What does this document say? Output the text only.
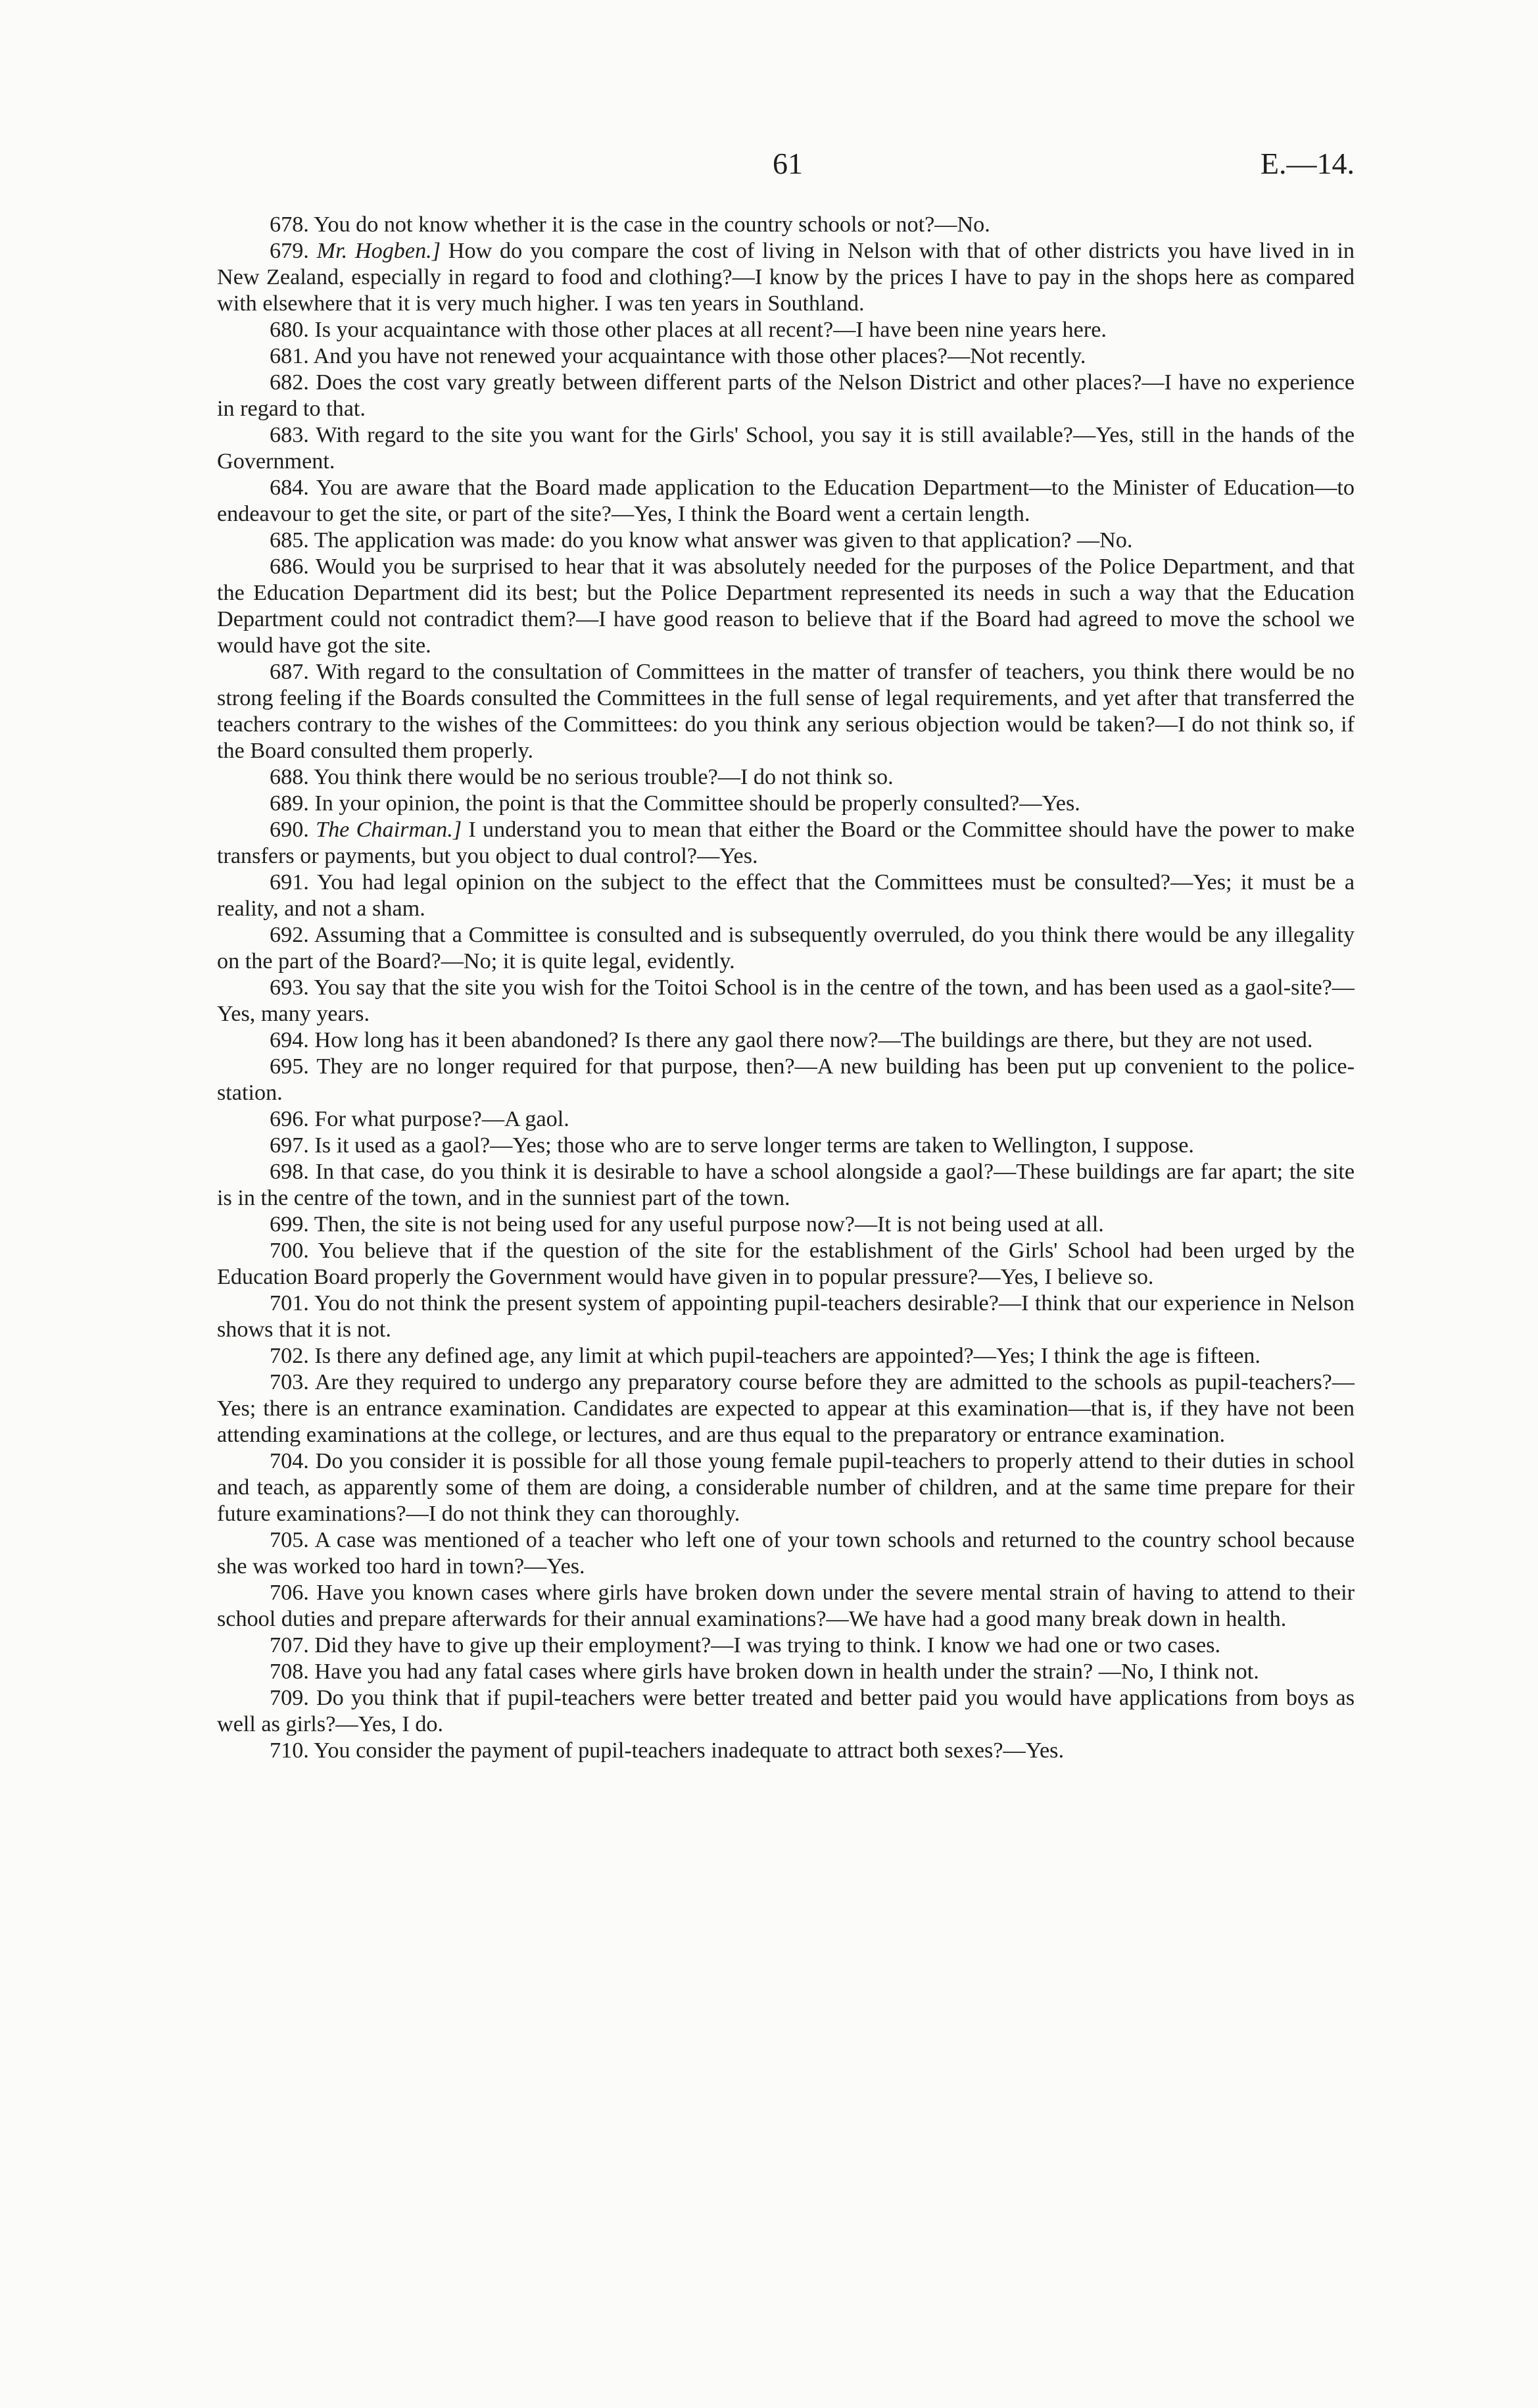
61	E.—14.

678. You do not know whether it is the case in the country schools or not?—No.

679. Mr. Hogben.] How do you compare the cost of living in Nelson with that of other districts you have lived in in New Zealand, especially in regard to food and clothing?—I know by the prices I have to pay in the shops here as compared with elsewhere that it is very much higher. I was ten years in Southland.

680. Is your acquaintance with those other places at all recent?—I have been nine years here.

681. And you have not renewed your acquaintance with those other places?—Not recently.

682. Does the cost vary greatly between different parts of the Nelson District and other places?—I have no experience in regard to that.

683. With regard to the site you want for the Girls' School, you say it is still available?—Yes, still in the hands of the Government.

684. You are aware that the Board made application to the Education Department—to the Minister of Education—to endeavour to get the site, or part of the site?—Yes, I think the Board went a certain length.

685. The application was made: do you know what answer was given to that application? —No.

686. Would you be surprised to hear that it was absolutely needed for the purposes of the Police Department, and that the Education Department did its best; but the Police Department represented its needs in such a way that the Education Department could not contradict them?—I have good reason to believe that if the Board had agreed to move the school we would have got the site.

687. With regard to the consultation of Committees in the matter of transfer of teachers, you think there would be no strong feeling if the Boards consulted the Committees in the full sense of legal requirements, and yet after that transferred the teachers contrary to the wishes of the Committees: do you think any serious objection would be taken?—I do not think so, if the Board consulted them properly.

688. You think there would be no serious trouble?—I do not think so.

689. In your opinion, the point is that the Committee should be properly consulted?—Yes.

690. The Chairman.] I understand you to mean that either the Board or the Committee should have the power to make transfers or payments, but you object to dual control?—Yes.

691. You had legal opinion on the subject to the effect that the Committees must be consulted?—Yes; it must be a reality, and not a sham.

692. Assuming that a Committee is consulted and is subsequently overruled, do you think there would be any illegality on the part of the Board?—No; it is quite legal, evidently.

693. You say that the site you wish for the Toitoi School is in the centre of the town, and has been used as a gaol-site?—Yes, many years.

694. How long has it been abandoned? Is there any gaol there now?—The buildings are there, but they are not used.

695. They are no longer required for that purpose, then?—A new building has been put up convenient to the police-station.

696. For what purpose?—A gaol.

697. Is it used as a gaol?—Yes; those who are to serve longer terms are taken to Wellington, I suppose.

698. In that case, do you think it is desirable to have a school alongside a gaol?—These buildings are far apart; the site is in the centre of the town, and in the sunniest part of the town.

699. Then, the site is not being used for any useful purpose now?—It is not being used at all.

700. You believe that if the question of the site for the establishment of the Girls' School had been urged by the Education Board properly the Government would have given in to popular pressure?—Yes, I believe so.

701. You do not think the present system of appointing pupil-teachers desirable?—I think that our experience in Nelson shows that it is not.

702. Is there any defined age, any limit at which pupil-teachers are appointed?—Yes; I think the age is fifteen.

703. Are they required to undergo any preparatory course before they are admitted to the schools as pupil-teachers?—Yes; there is an entrance examination. Candidates are expected to appear at this examination—that is, if they have not been attending examinations at the college, or lectures, and are thus equal to the preparatory or entrance examination.

704. Do you consider it is possible for all those young female pupil-teachers to properly attend to their duties in school and teach, as apparently some of them are doing, a considerable number of children, and at the same time prepare for their future examinations?—I do not think they can thoroughly.

705. A case was mentioned of a teacher who left one of your town schools and returned to the country school because she was worked too hard in town?—Yes.

706. Have you known cases where girls have broken down under the severe mental strain of having to attend to their school duties and prepare afterwards for their annual examinations?—We have had a good many break down in health.

707. Did they have to give up their employment?—I was trying to think. I know we had one or two cases.

708. Have you had any fatal cases where girls have broken down in health under the strain? —No, I think not.

709. Do you think that if pupil-teachers were better treated and better paid you would have applications from boys as well as girls?—Yes, I do.

710. You consider the payment of pupil-teachers inadequate to attract both sexes?—Yes.
